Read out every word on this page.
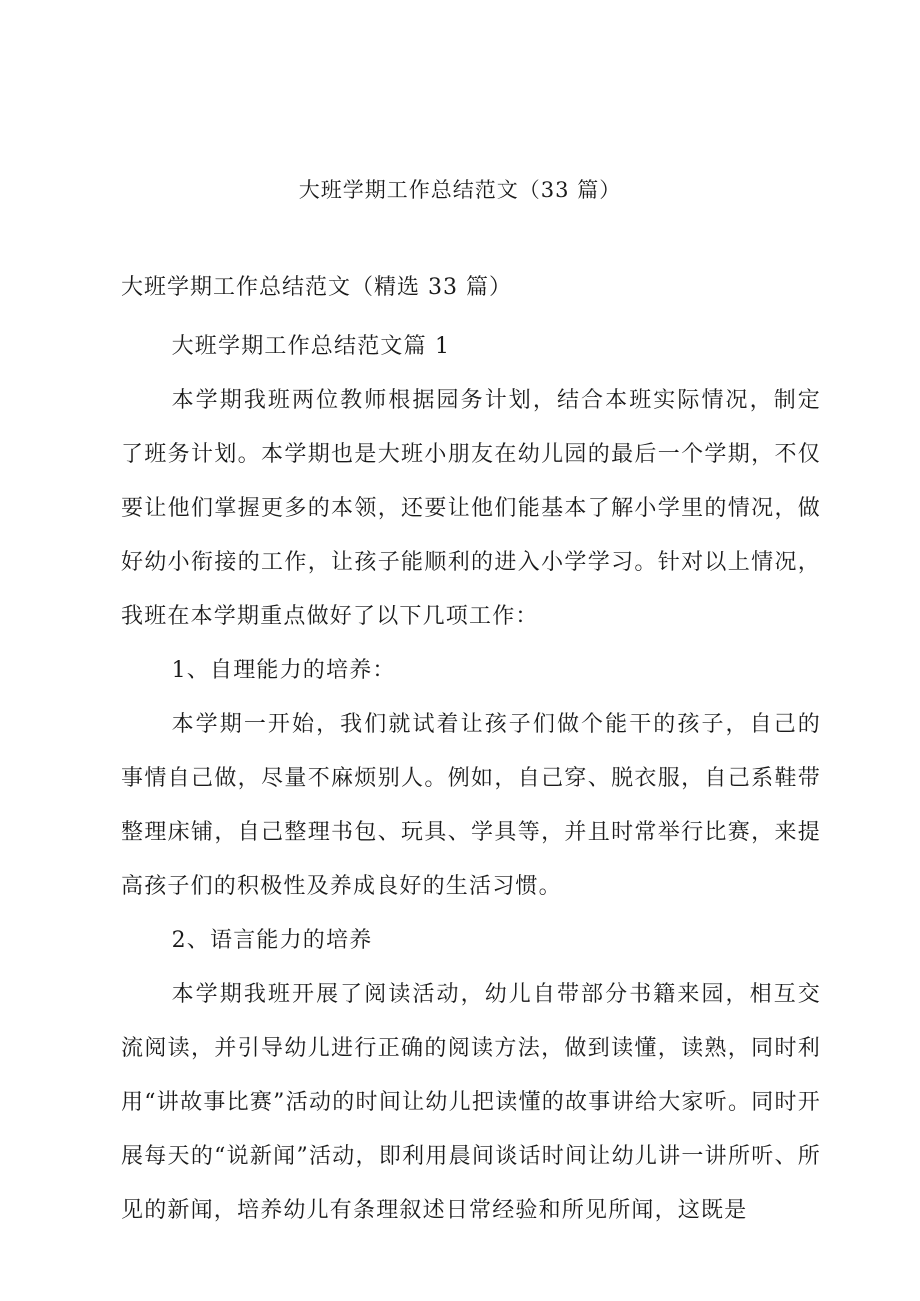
大班学期工作总结范文（33 篇）
大班学期工作总结范文（精选 33 篇）

大班学期工作总结范文篇 1

本学期我班两位教师根据园务计划，结合本班实际情况，制定了班务计划。本学期也是大班小朋友在幼儿园的最后一个学期，不仅要让他们掌握更多的本领，还要让他们能基本了解小学里的情况，做好幼小衔接的工作，让孩子能顺利的进入小学学习。针对以上情况，我班在本学期重点做好了以下几项工作：

1、自理能力的培养：

本学期一开始，我们就试着让孩子们做个能干的孩子，自己的事情自己做，尽量不麻烦别人。例如，自己穿、脱衣服，自己系鞋带整理床铺，自己整理书包、玩具、学具等，并且时常举行比赛，来提高孩子们的积极性及养成良好的生活习惯。

2、语言能力的培养

本学期我班开展了阅读活动，幼儿自带部分书籍来园，相互交流阅读，并引导幼儿进行正确的阅读方法，做到读懂，读熟，同时利用“讲故事比赛”活动的时间让幼儿把读懂的故事讲给大家听。同时开展每天的“说新闻”活动，即利用晨间谈话时间让幼儿讲一讲所听、所见的新闻，培养幼儿有条理叙述日常经验和所见所闻，这既是
